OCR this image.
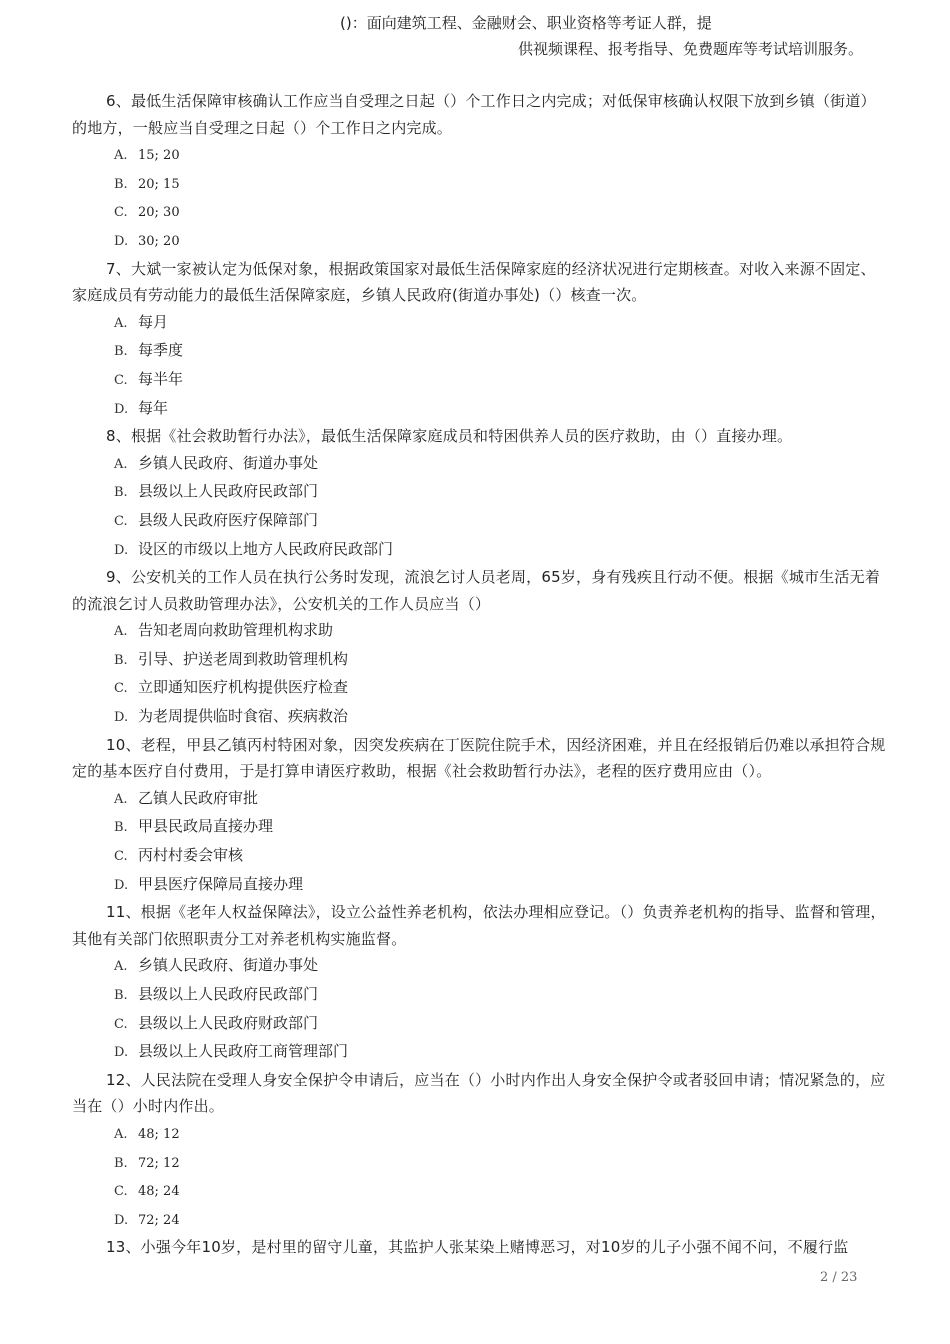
()：面向建筑工程、金融财会、职业资格等考证人群，提
供视频课程、报考指导、免费题库等考试培训服务。

6、最低生活保障审核确认工作应当自受理之日起（）个工作日之内完成；对低保审核确认权限下放到乡镇（街道）的地方，一般应当自受理之日起（）个工作日之内完成。

A. 15; 20
B. 20; 15
C. 20; 30
D. 30; 20

7、大斌一家被认定为低保对象，根据政策国家对最低生活保障家庭的经济状况进行定期核查。对收入来源不固定、家庭成员有劳动能力的最低生活保障家庭，乡镇人民政府(街道办事处)（）核查一次。

A. 每月
B. 每季度
C. 每半年
D. 每年

8、根据《社会救助暂行办法》，最低生活保障家庭成员和特困供养人员的医疗救助，由（）直接办理。

A. 乡镇人民政府、街道办事处
B. 县级以上人民政府民政部门
C. 县级人民政府医疗保障部门
D. 设区的市级以上地方人民政府民政部门

9、公安机关的工作人员在执行公务时发现，流浪乞讨人员老周，65岁，身有残疾且行动不便。根据《城市生活无着的流浪乞讨人员救助管理办法》，公安机关的工作人员应当（）

A. 告知老周向救助管理机构求助
B. 引导、护送老周到救助管理机构
C. 立即通知医疗机构提供医疗检查
D. 为老周提供临时食宿、疾病救治

10、老程，甲县乙镇丙村特困对象，因突发疾病在丁医院住院手术，因经济困难，并且在经报销后仍难以承担符合规定的基本医疗自付费用，于是打算申请医疗救助，根据《社会救助暂行办法》，老程的医疗费用应由（）。

A. 乙镇人民政府审批
B. 甲县民政局直接办理
C. 丙村村委会审核
D. 甲县医疗保障局直接办理

11、根据《老年人权益保障法》，设立公益性养老机构，依法办理相应登记。（）负责养老机构的指导、监督和管理，其他有关部门依照职责分工对养老机构实施监督。

A. 乡镇人民政府、街道办事处
B. 县级以上人民政府民政部门
C. 县级以上人民政府财政部门
D. 县级以上人民政府工商管理部门

12、人民法院在受理人身安全保护令申请后，应当在（）小时内作出人身安全保护令或者驳回申请；情况紧急的，应当在（）小时内作出。

A. 48; 12
B. 72; 12
C. 48; 24
D. 72; 24

13、小强今年10岁，是村里的留守儿童，其监护人张某染上赌博恶习，对10岁的儿子小强不闻不问，不履行监

2 / 23
